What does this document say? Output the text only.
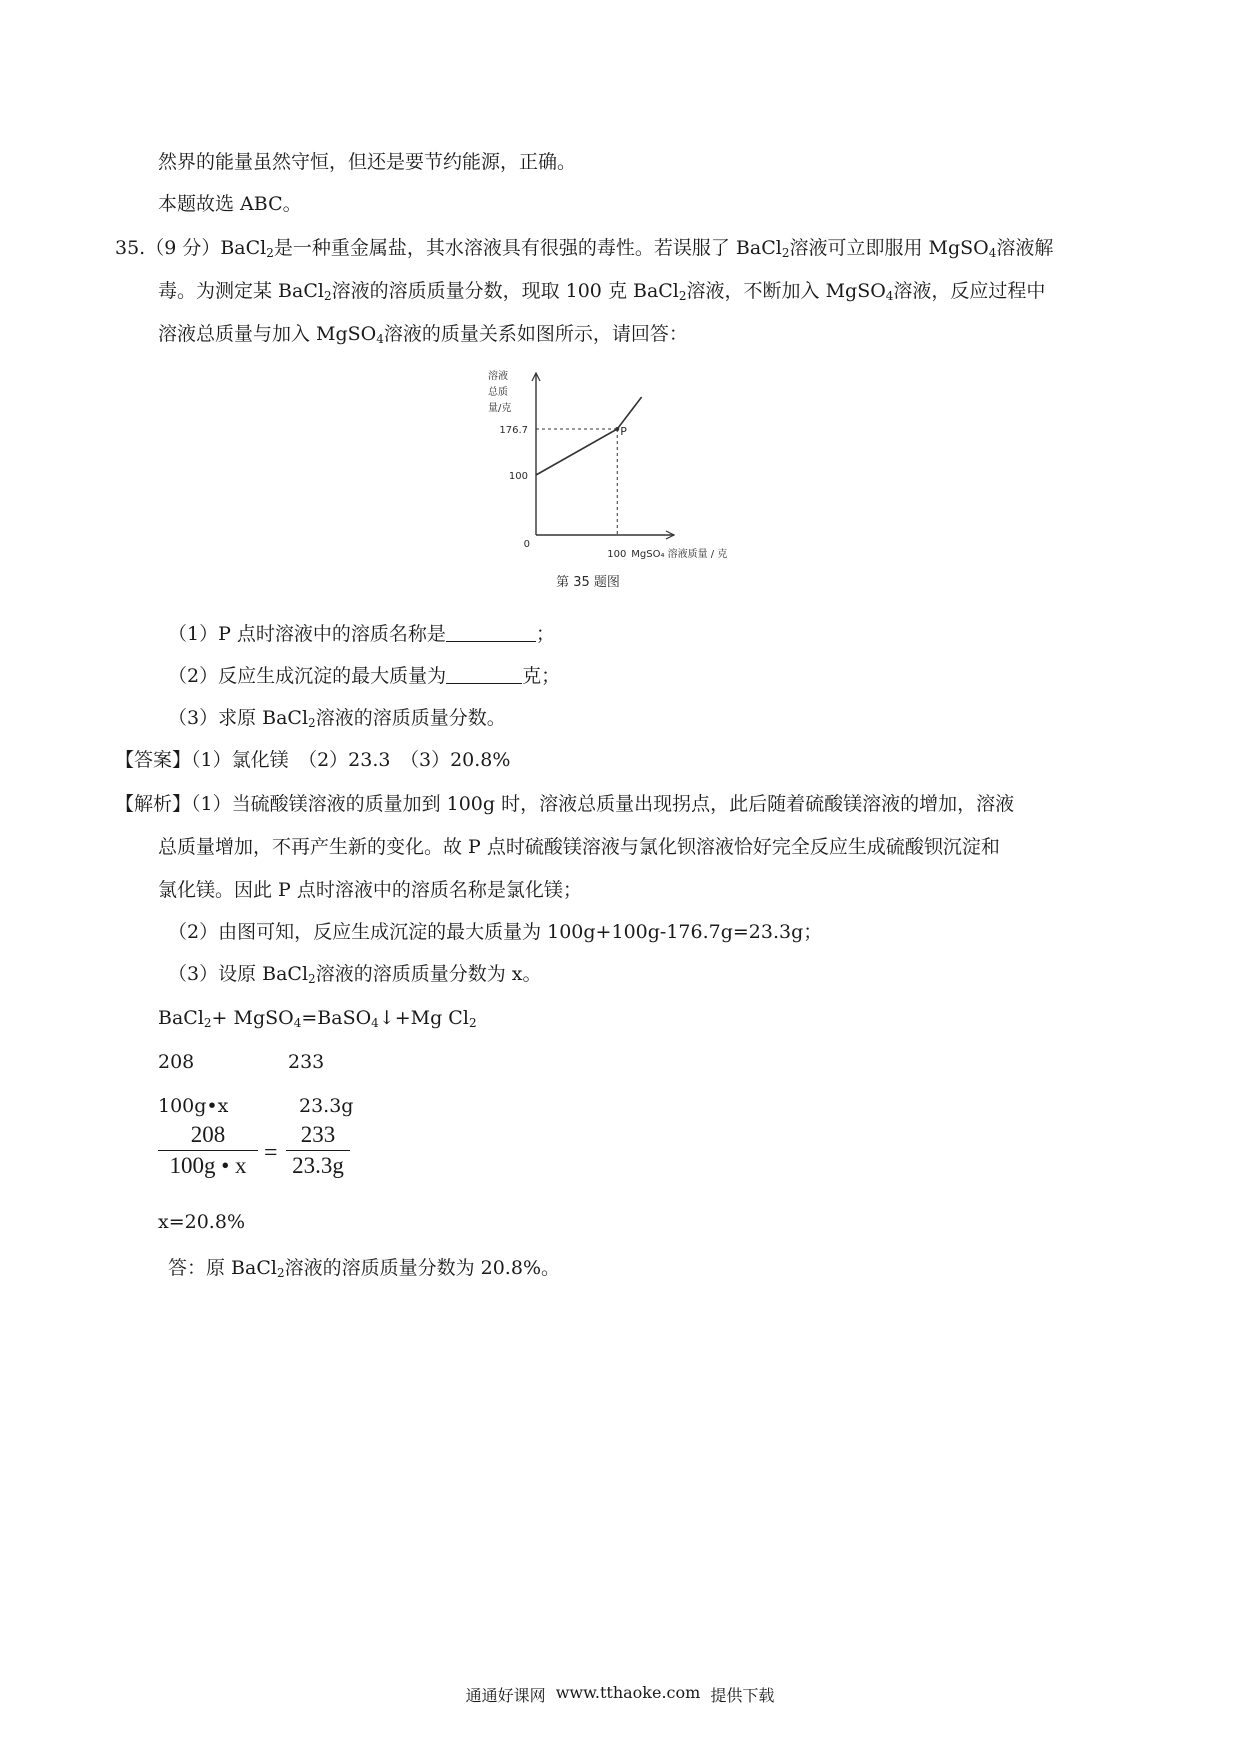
然界的能量虽然守恒，但还是要节约能源，正确。
本题故选 ABC。
35.（9 分）BaCl$_2$是一种重金属盐，其水溶液具有很强的毒性。若误服了 BaCl$_2$溶液可立即服用 MgSO$_4$溶液解
毒。为测定某 BaCl$_2$溶液的溶质质量分数，现取 100 克 BaCl$_2$溶液，不断加入 MgSO$_4$溶液，反应过程中
溶液总质量与加入 MgSO$_4$溶液的质量关系如图所示，请回答：
P
溶液
总质
量/克
176.7
100
0
100 MgSO₄ 溶液质量 / 克
第 35 题图
（1）P 点时溶液中的溶质名称是	；
（2）反应生成沉淀的最大质量为	克；
（3）求原 BaCl$_2$溶液的溶质质量分数。
【答案】（1）氯化镁　（2）23.3　（3）20.8%
【解析】（1）当硫酸镁溶液的质量加到 100g 时，溶液总质量出现拐点，此后随着硫酸镁溶液的增加，溶液
总质量增加，不再产生新的变化。故 P 点时硫酸镁溶液与氯化钡溶液恰好完全反应生成硫酸钡沉淀和
氯化镁。因此 P 点时溶液中的溶质名称是氯化镁；
（2）由图可知，反应生成沉淀的最大质量为 100g+100g-176.7g=23.3g；
（3）设原 BaCl$_2$溶液的溶质质量分数为 x。
BaCl$_2$+ MgSO$_4$=BaSO$_4$↓+Mg $Cl_2$
208	233
100g•x	23.3g
208
100g • x =
233
23.3g
x=20.8%
答：原 BaCl$_2$溶液的溶质质量分数为 20.8%。
通通好课网 www.tthaoke.com 提供下载
